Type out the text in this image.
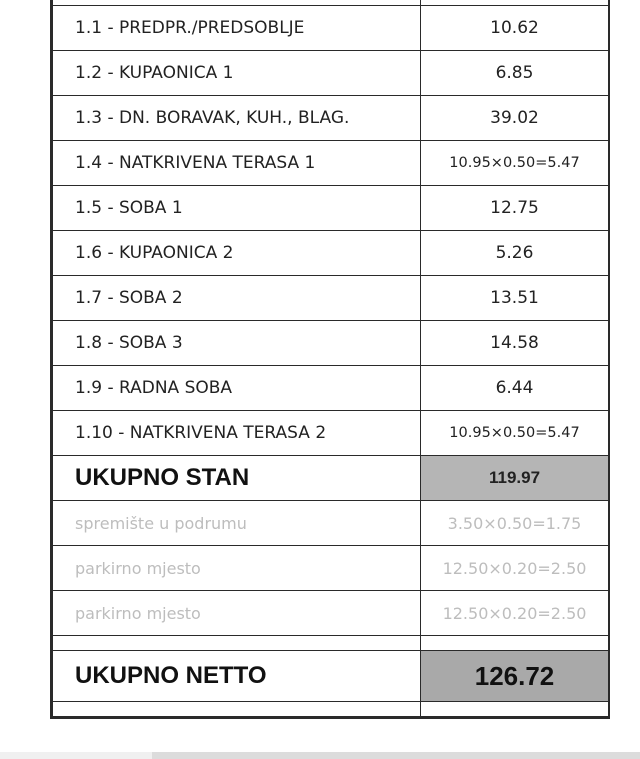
1.1 - PREDPR./PREDSOBLJE	10.62
1.2 - KUPAONICA 1	6.85
1.3 - DN. BORAVAK, KUH., BLAG.	39.02
1.4 - NATKRIVENA TERASA 1	10.95×0.50=5.47
1.5 - SOBA 1	12.75
1.6 - KUPAONICA 2	5.26
1.7 - SOBA 2	13.51
1.8 - SOBA 3	14.58
1.9 - RADNA SOBA	6.44
1.10 - NATKRIVENA TERASA 2	10.95×0.50=5.47
UKUPNO STAN	119.97
spremište u podrumu	3.50×0.50=1.75
parkirno mjesto	12.50×0.20=2.50
parkirno mjesto	12.50×0.20=2.50

UKUPNO NETTO	126.72
